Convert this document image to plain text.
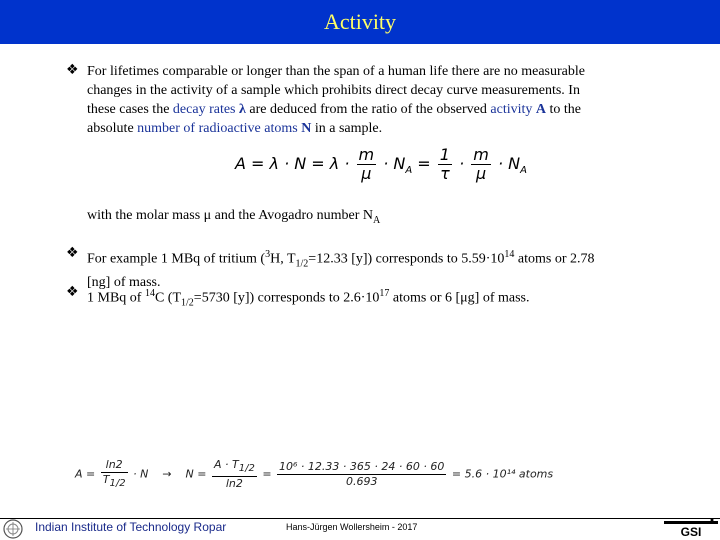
Activity
❖ For lifetimes comparable or longer than the span of a human life there are no measurable
changes in the activity of a sample which prohibits direct decay curve measurements. In
these cases the decay rates λ are deduced from the ratio of the observed activity A to the
absolute number of radioactive atoms N in a sample.
$A = \lambda \cdot N = \lambda \cdot \frac{m}{\mu} \cdot N_A = \frac{1}{\tau} \cdot \frac{m}{\mu} \cdot N_A$
with the molar mass μ and the Avogadro number $N_A$
❖ For example 1 MBq of tritium ($^3$H, $T_{1/2}=12.33$ [y]) corresponds to $5.59\cdot 10^{14}$ atoms or 2.78
[ng] of mass.
❖ 1 MBq of $^{14}$C ($T_{1/2}=5730$ [y]) corresponds to $2.6\cdot 10^{17}$ atoms or 6 [μg] of mass.
$A = \frac{\ln 2}{T_{1/2}} \cdot N \to N = \frac{A \cdot T_{1/2}}{\ln 2} = \frac{\text{10⁶ · 12.33 · 365 · 24 · 60 · 60}}{0.693} = 5.6 \cdot 10^{14}$ atoms
Indian Institute of Technology Ropar	Hans-Jürgen Wollersheim - 2017	GSI
